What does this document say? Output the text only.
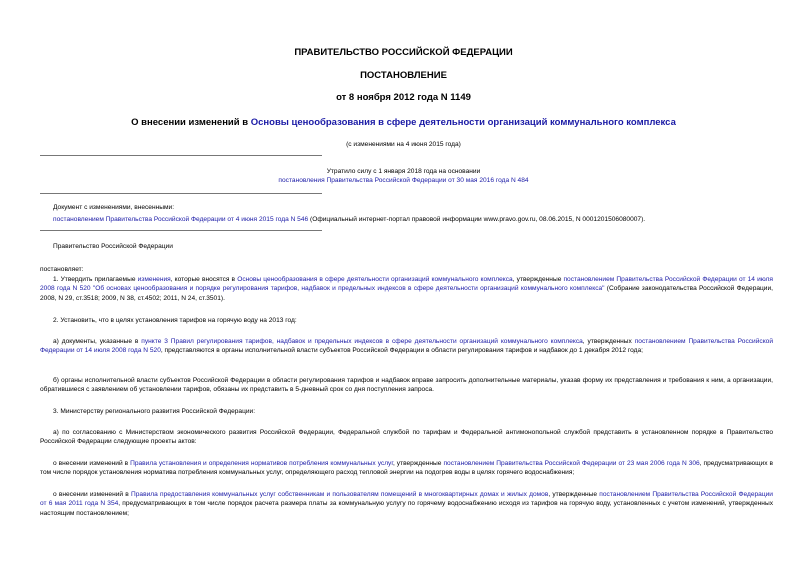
ПРАВИТЕЛЬСТВО РОССИЙСКОЙ ФЕДЕРАЦИИ
ПОСТАНОВЛЕНИЕ
от 8 ноября 2012 года N 1149
О внесении изменений в Основы ценообразования в сфере деятельности организаций коммунального комплекса
(с изменениями на 4 июня 2015 года)
Утратило силу с 1 января 2018 года на основании
постановления Правительства Российской Федерации от 30 мая 2016 года N 484

Документ с изменениями, внесенными:

постановлением Правительства Российской Федерации от 4 июня 2015 года N 546 (Официальный интернет-портал правовой информации www.pravo.gov.ru, 08.06.2015, N 0001201506080007).

Правительство Российской Федерации

постановляет:

1. Утвердить прилагаемые изменения, которые вносятся в Основы ценообразования в сфере деятельности организаций коммунального комплекса, утвержденные постановлением Правительства Российской Федерации от 14 июля 2008 года N 520 "Об основах ценообразования и порядке регулирования тарифов, надбавок и предельных индексов в сфере деятельности организаций коммунального комплекса" (Собрание законодательства Российской Федерации, 2008, N 29, ст.3518; 2009, N 38, ст.4502; 2011, N 24, ст.3501).

2. Установить, что в целях установления тарифов на горячую воду на 2013 год:

а) документы, указанные в пункте 3 Правил регулирования тарифов, надбавок и предельных индексов в сфере деятельности организаций коммунального комплекса, утвержденных постановлением Правительства Российской Федерации от 14 июля 2008 года N 520, представляются в органы исполнительной власти субъектов Российской Федерации в области регулирования тарифов и надбавок до 1 декабря 2012 года;

б) органы исполнительной власти субъектов Российской Федерации в области регулирования тарифов и надбавок вправе запросить дополнительные материалы, указав форму их представления и требования к ним, а организации, обратившиеся с заявлением об установлении тарифов, обязаны их представить в 5-дневный срок со дня поступления запроса.

3. Министерству регионального развития Российской Федерации:

а) по согласованию с Министерством экономического развития Российской Федерации, Федеральной службой по тарифам и Федеральной антимонопольной службой представить в установленном порядке в Правительство Российской Федерации следующие проекты актов:

о внесении изменений в Правила установления и определения нормативов потребления коммунальных услуг, утвержденные постановлением Правительства Российской Федерации от 23 мая 2006 года N 306, предусматривающих в том числе порядок установления норматива потребления коммунальных услуг, определяющего расход тепловой энергии на подогрев воды в целях горячего водоснабжения;

о внесении изменений в Правила предоставления коммунальных услуг собственникам и пользователям помещений в многоквартирных домах и жилых домов, утвержденные постановлением Правительства Российской Федерации от 6 мая 2011 года N 354, предусматривающих в том числе порядок расчета размера платы за коммунальную услугу по горячему водоснабжению исходя из тарифов на горячую воду, установленных с учетом изменений, утвержденных настоящим постановлением;
